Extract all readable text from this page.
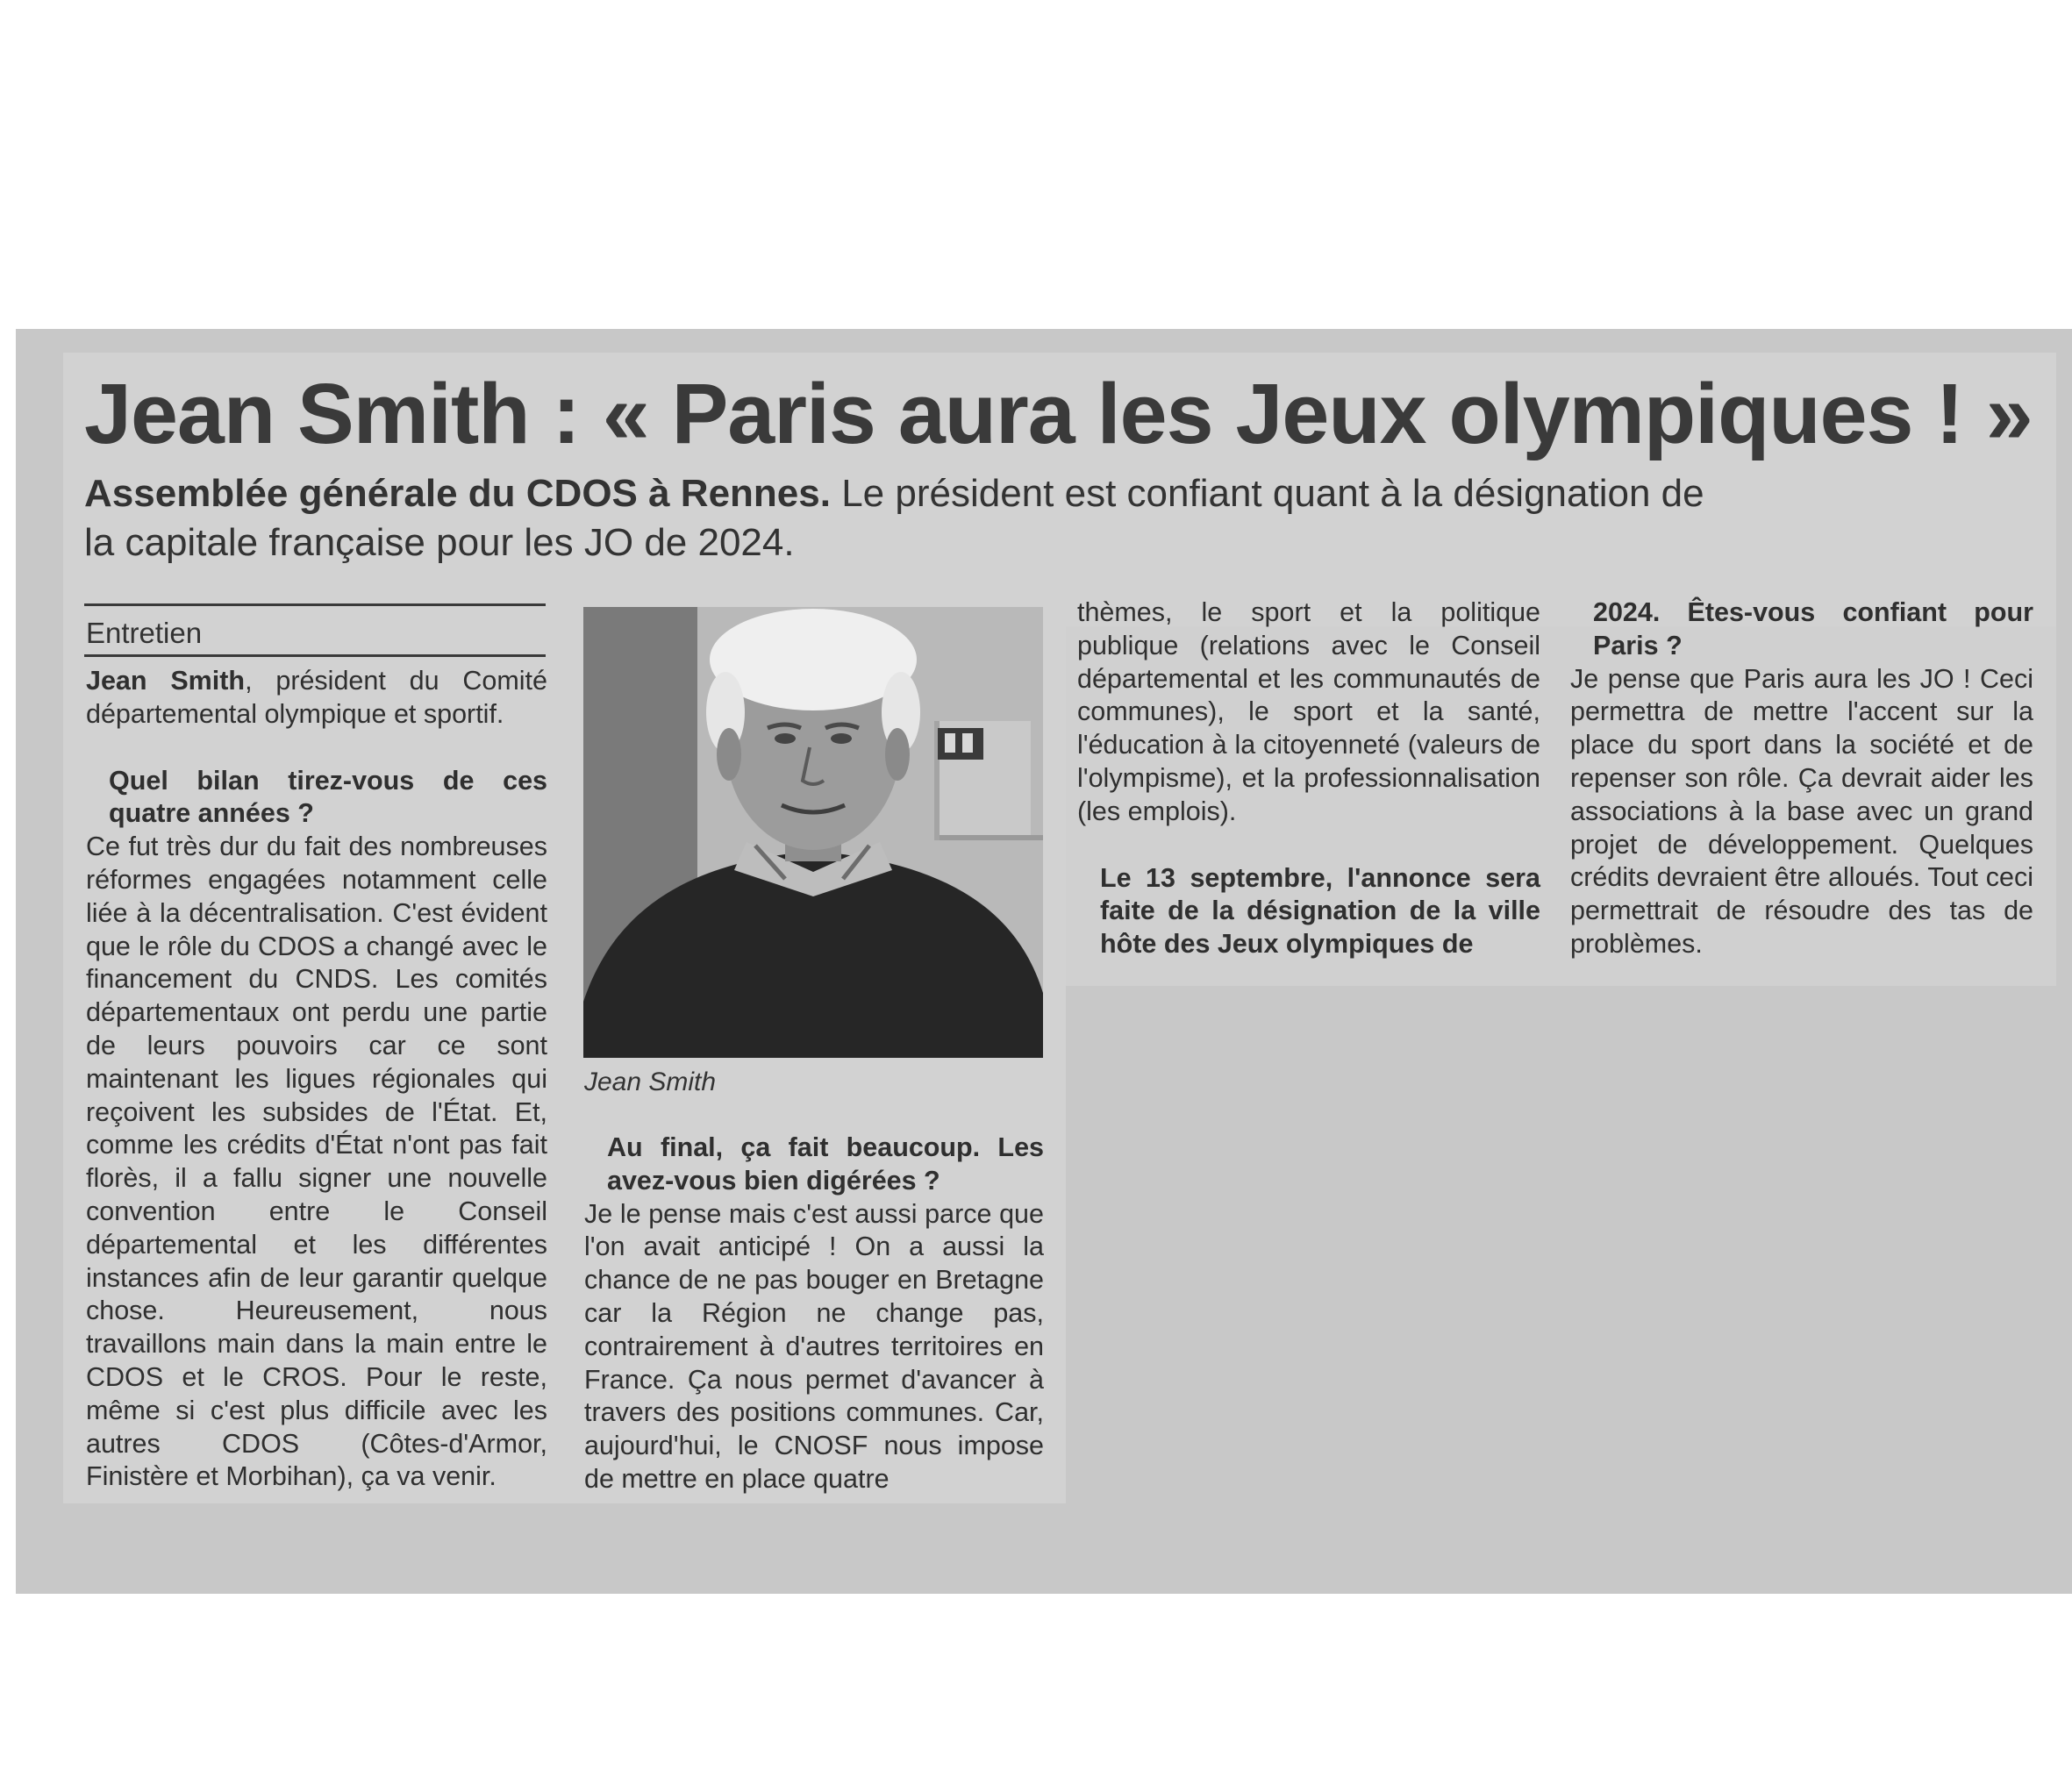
Jean Smith : « Paris aura les Jeux olympiques ! »

Assemblée générale du CDOS à Rennes. Le président est confiant quant à la désignation de la capitale française pour les JO de 2024.

Entretien

Jean Smith, président du Comité départemental olympique et sportif.

Quel bilan tirez-vous de ces quatre années ?

Ce fut très dur du fait des nombreuses réformes engagées notamment celle liée à la décentralisation. C'est évident que le rôle du CDOS a changé avec le financement du CNDS. Les comités départementaux ont perdu une partie de leurs pouvoirs car ce sont maintenant les ligues régionales qui reçoivent les subsides de l'État. Et, comme les crédits d'État n'ont pas fait florès, il a fallu signer une nouvelle convention entre le Conseil départemental et les différentes instances afin de leur garantir quelque chose. Heureusement, nous travaillons main dans la main entre le CDOS et le CROS. Pour le reste, même si c'est plus difficile avec les autres CDOS (Côtes-d'Armor, Finistère et Morbihan), ça va venir.

Jean Smith

Au final, ça fait beaucoup. Les avez-vous bien digérées ?

Je le pense mais c'est aussi parce que l'on avait anticipé ! On a aussi la chance de ne pas bouger en Bretagne car la Région ne change pas, contrairement à d'autres territoires en France. Ça nous permet d'avancer à travers des positions communes. Car, aujourd'hui, le CNOSF nous impose de mettre en place quatre

thèmes, le sport et la politique publique (relations avec le Conseil départemental et les communautés de communes), le sport et la santé, l'éducation à la citoyenneté (valeurs de l'olympisme), et la professionnalisation (les emplois).

Le 13 septembre, l'annonce sera faite de la désignation de la ville hôte des Jeux olympiques de

2024. Êtes-vous confiant pour Paris ?

Je pense que Paris aura les JO ! Ceci permettra de mettre l'accent sur la place du sport dans la société et de repenser son rôle. Ça devrait aider les associations à la base avec un grand projet de développement. Quelques crédits devraient être alloués. Tout ceci permettrait de résoudre des tas de problèmes.
